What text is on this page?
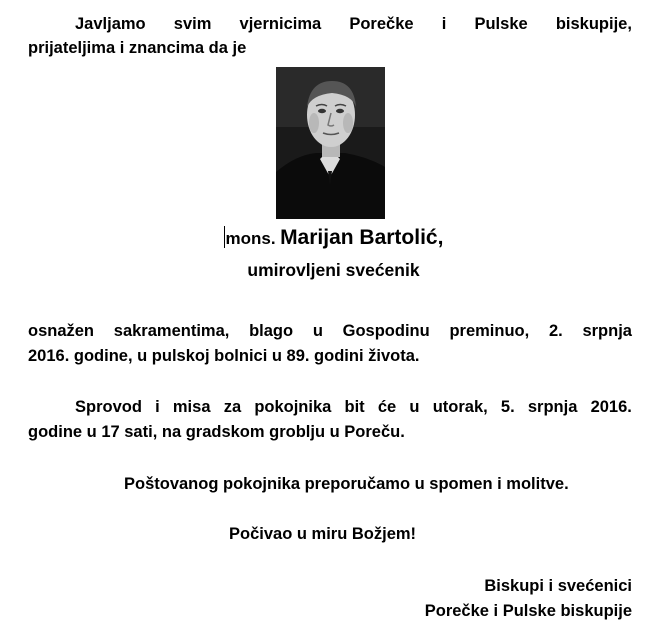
Javljamo svim vjernicima Porečke i Pulske biskupije,

prijateljima i znancima da je

mons. Marijan Bartolić,

umirovljeni svećenik

osnažen sakramentima, blago u Gospodinu preminuo, 2. srpnja

2016. godine, u pulskoj bolnici u 89. godini života.

Sprovod i misa za pokojnika bit će u utorak, 5. srpnja 2016.

godine u 17 sati, na gradskom groblju u Poreču.

Poštovanog pokojnika preporučamo u spomen i molitve.

Počivao u miru Božjem!

Biskupi i svećenici

Porečke i Pulske biskupije
